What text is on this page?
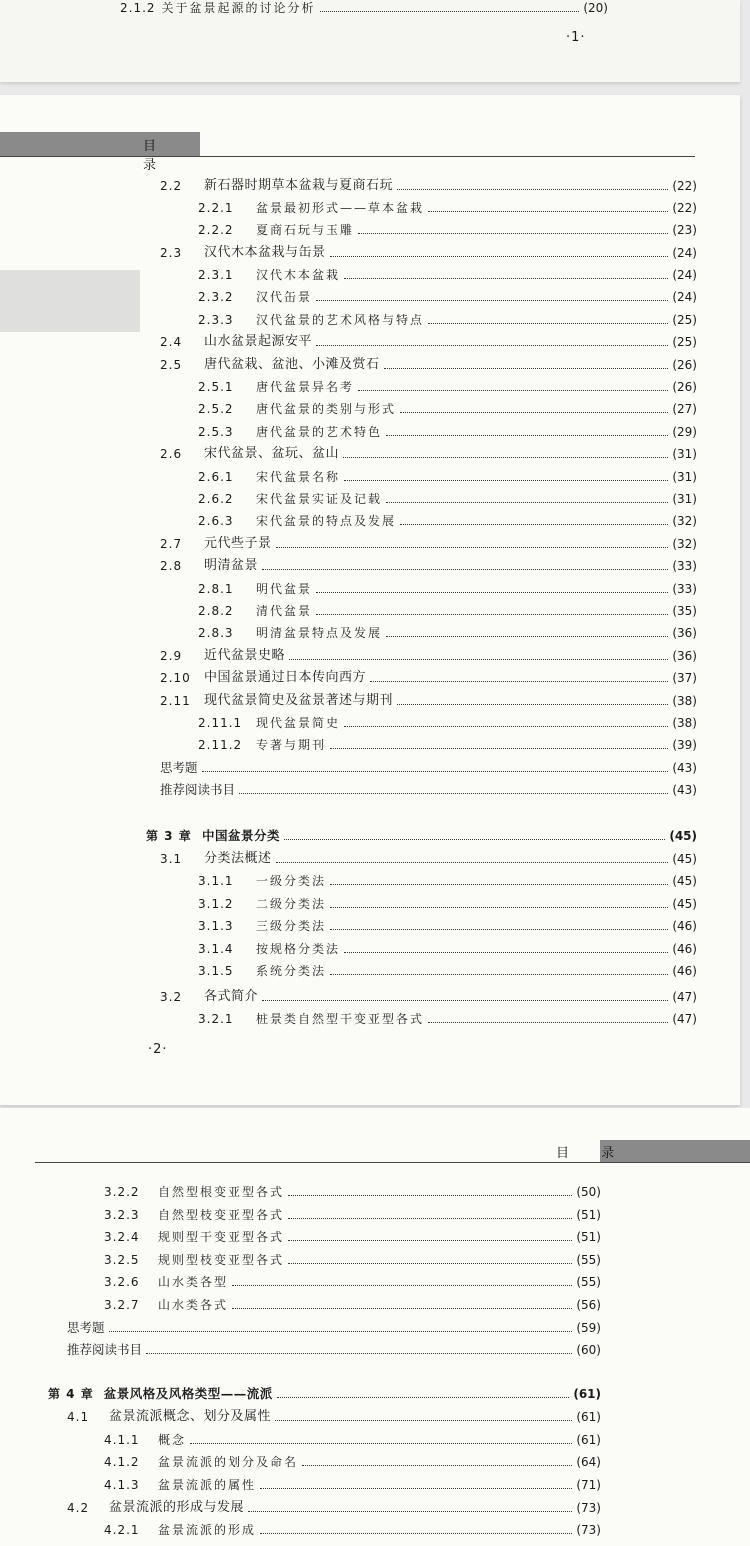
2.1.2 关于盆景起源的讨论分析	(20)
·1·
目 录
2.2	新石器时期草本盆栽与夏商石玩	(22)
2.2.1	盆景最初形式——草本盆栽	(22)
2.2.2	夏商石玩与玉雕	(23)
2.3	汉代木本盆栽与缶景	(24)
2.3.1	汉代木本盆栽	(24)
2.3.2	汉代缶景	(24)
2.3.3	汉代盆景的艺术风格与特点	(25)
2.4	山水盆景起源安平	(25)
2.5	唐代盆栽、盆池、小滩及赏石	(26)
2.5.1	唐代盆景异名考	(26)
2.5.2	唐代盆景的类别与形式	(27)
2.5.3	唐代盆景的艺术特色	(29)
2.6	宋代盆景、盆玩、盆山	(31)
2.6.1	宋代盆景名称	(31)
2.6.2	宋代盆景实证及记载	(31)
2.6.3	宋代盆景的特点及发展	(32)
2.7	元代些子景	(32)
2.8	明清盆景	(33)
2.8.1	明代盆景	(33)
2.8.2	清代盆景	(35)
2.8.3	明清盆景特点及发展	(36)
2.9	近代盆景史略	(36)
2.10	中国盆景通过日本传向西方	(37)
2.11	现代盆景简史及盆景著述与期刊	(38)
2.11.1	现代盆景简史	(38)
2.11.2	专著与期刊	(39)
思考题	(43)
推荐阅读书目	(43)
第 3 章 中国盆景分类	(45)
3.1	分类法概述	(45)
3.1.1	一级分类法	(45)
3.1.2	二级分类法	(45)
3.1.3	三级分类法	(46)
3.1.4	按规格分类法	(46)
3.1.5	系统分类法	(46)
3.2	各式简介	(47)
3.2.1	桩景类自然型干变亚型各式	(47)
·2·
目 录
3.2.2	自然型根变亚型各式	(50)
3.2.3	自然型枝变亚型各式	(51)
3.2.4	规则型干变亚型各式	(51)
3.2.5	规则型枝变亚型各式	(55)
3.2.6	山水类各型	(55)
3.2.7	山水类各式	(56)
思考题	(59)
推荐阅读书目	(60)
第 4 章 盆景风格及风格类型——流派	(61)
4.1	盆景流派概念、划分及属性	(61)
4.1.1	概念	(61)
4.1.2	盆景流派的划分及命名	(64)
4.1.3	盆景流派的属性	(71)
4.2	盆景流派的形成与发展	(73)
4.2.1	盆景流派的形成	(73)
